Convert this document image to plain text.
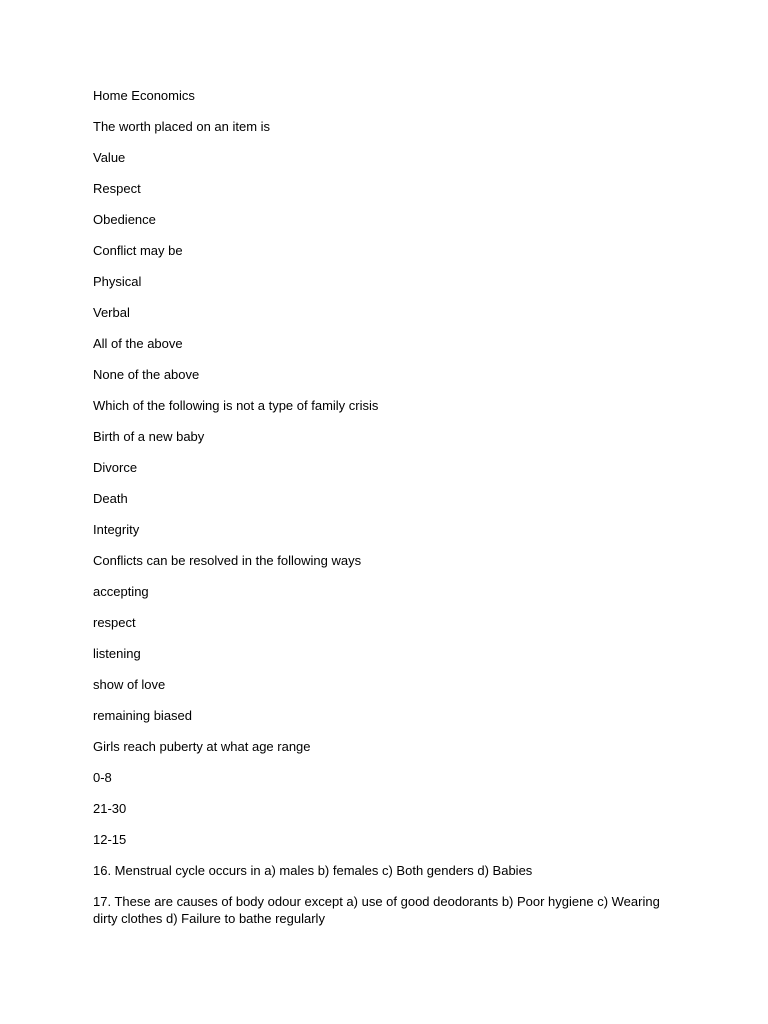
Home Economics

The worth placed on an item is

Value

Respect

Obedience

Conflict may be

Physical

Verbal

All of the above

None of the above

Which of the following is not a type of family crisis

Birth of a new baby

Divorce

Death

Integrity

Conflicts can be resolved in the following ways

accepting

respect

listening

show of love

remaining biased

Girls reach puberty at what age range

0-8

21-30

12-15

16. Menstrual cycle occurs in a) males b) females c) Both genders d) Babies

17. These are causes of body odour except a) use of good deodorants b) Poor hygiene c) Wearing dirty clothes d) Failure to bathe regularly
